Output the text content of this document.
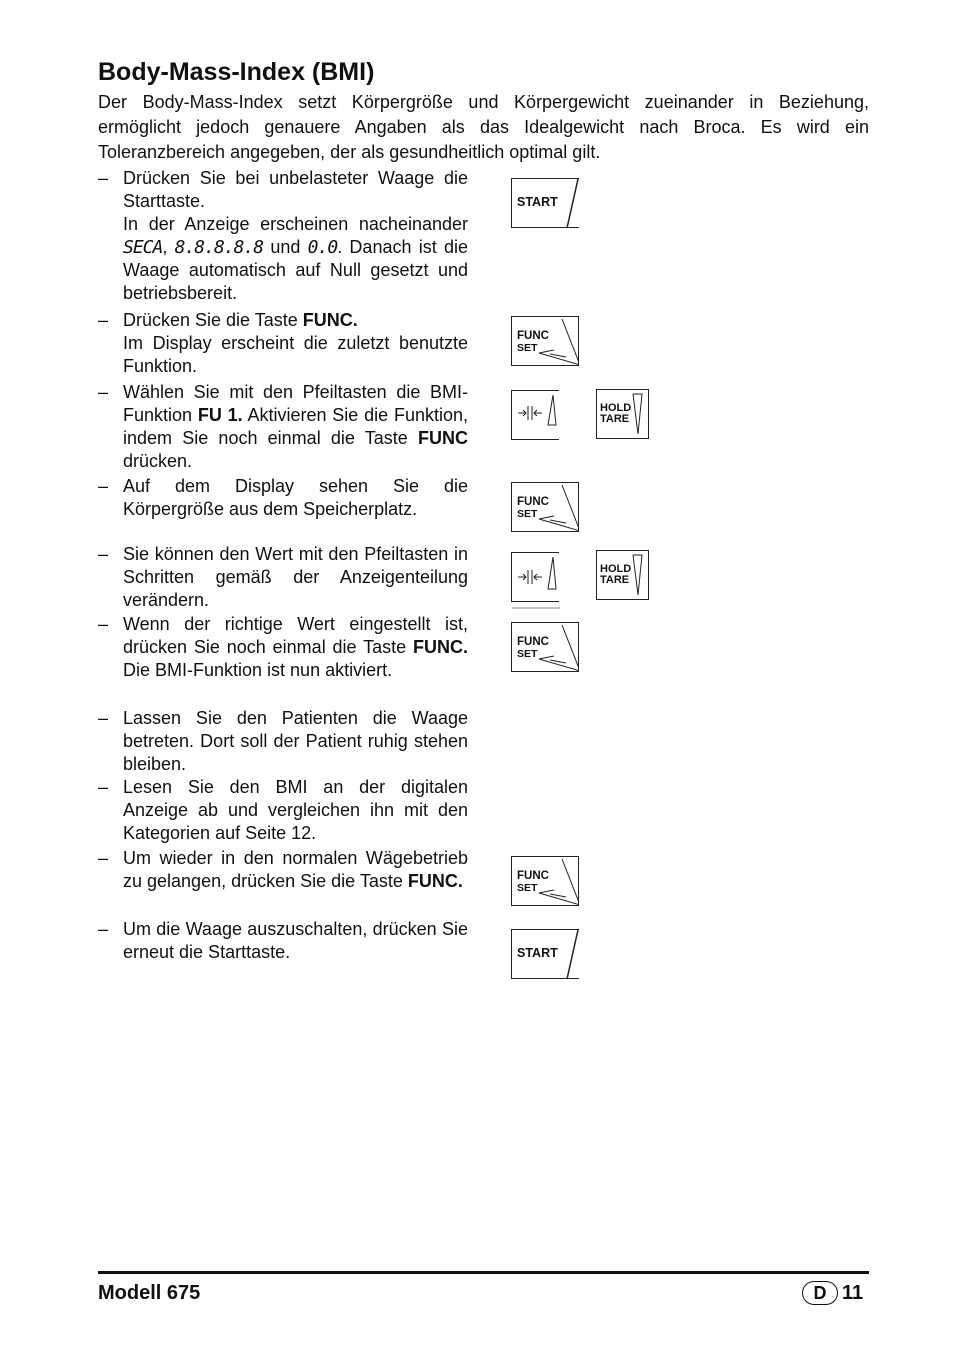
Body-Mass-Index (BMI)

Der Body-Mass-Index setzt Körpergröße und Körpergewicht zueinander in Beziehung, ermöglicht jedoch genauere Angaben als das Idealgewicht nach Broca. Es wird ein Toleranzbereich angegeben, der als gesundheitlich optimal gilt.

– Drücken Sie bei unbelasteter Waage die Starttaste.

In der Anzeige erscheinen nacheinander SECA, 8.8.8.8.8 und 0.0. Danach ist die Waage automatisch auf Null gesetzt und betriebsbereit.

– Drücken Sie die Taste FUNC.

Im Display erscheint die zuletzt benutzte Funktion.

– Wählen Sie mit den Pfeiltasten die BMI-Funktion FU 1. Aktivieren Sie die Funktion, indem Sie noch einmal die Taste FUNC drücken.

– Auf dem Display sehen Sie die Körpergröße aus dem Speicherplatz.

– Sie können den Wert mit den Pfeiltasten in Schritten gemäß der Anzeigenteilung verändern.

– Wenn der richtige Wert eingestellt ist, drücken Sie noch einmal die Taste FUNC. Die BMI-Funktion ist nun aktiviert.

– Lassen Sie den Patienten die Waage betreten. Dort soll der Patient ruhig stehen bleiben.

– Lesen Sie den BMI an der digitalen Anzeige ab und vergleichen ihn mit den Kategorien auf Seite 12.

– Um wieder in den normalen Wägebetrieb zu gelangen, drücken Sie die Taste FUNC.

– Um die Waage auszuschalten, drücken Sie erneut die Starttaste.

START
FUNC
SET
HOLD
TARE
FUNC
SET
HOLD
TARE
FUNC
SET
FUNC
SET
START
Modell 675	D 11
